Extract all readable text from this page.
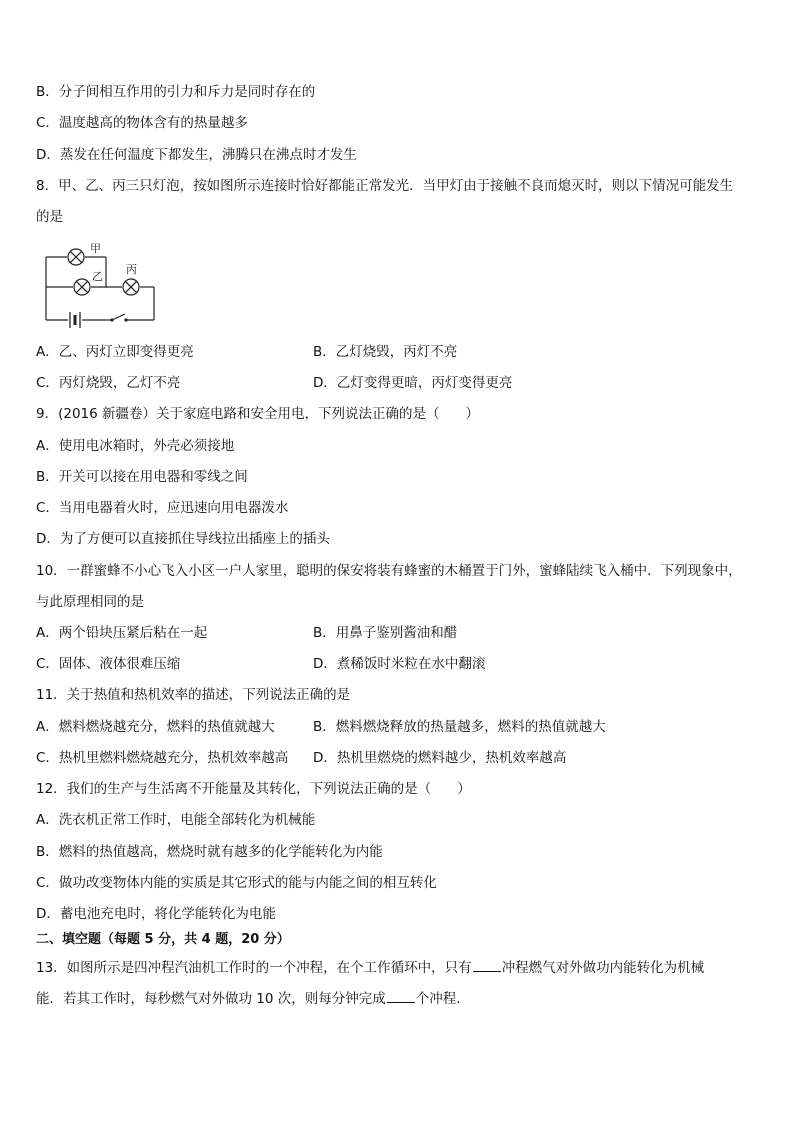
B．分子间相互作用的引力和斥力是同时存在的
C．温度越高的物体含有的热量越多
D．蒸发在任何温度下都发生，沸腾只在沸点时才发生
8．甲、乙、丙三只灯泡，按如图所示连接时恰好都能正常发光．当甲灯由于接触不良而熄灭时，则以下情况可能发生
的是
甲
乙
丙
A．乙、丙灯立即变得更亮	B．乙灯烧毁，丙灯不亮
C．丙灯烧毁，乙灯不亮	D．乙灯变得更暗，丙灯变得更亮
9．(2016 新疆卷）关于家庭电路和安全用电，下列说法正确的是（ ）
A．使用电冰箱时，外壳必须接地
B．开关可以接在用电器和零线之间
C．当用电器着火时，应迅速向用电器泼水
D．为了方便可以直接抓住导线拉出插座上的插头
10．一群蜜蜂不小心飞入小区一户人家里，聪明的保安将装有蜂蜜的木桶置于门外，蜜蜂陆续飞入桶中．下列现象中，
与此原理相同的是
A．两个铅块压紧后粘在一起	B．用鼻子鉴别酱油和醋
C．固体、液体很难压缩	D．煮稀饭时米粒在水中翻滚
11．关于热值和热机效率的描述，下列说法正确的是
A．燃料燃烧越充分，燃料的热值就越大	B．燃料燃烧释放的热量越多，燃料的热值就越大
C．热机里燃料燃烧越充分，热机效率越高 D．热机里燃烧的燃料越少，热机效率越高
12．我们的生产与生活离不开能量及其转化，下列说法正确的是（ ）
A．洗衣机正常工作时，电能全部转化为机械能
B．燃料的热值越高，燃烧时就有越多的化学能转化为内能
C．做功改变物体内能的实质是其它形式的能与内能之间的相互转化
D．蓄电池充电时，将化学能转化为电能
二、填空题（每题 5 分，共 4 题，20 分）
13．如图所示是四冲程汽油机工作时的一个冲程，在个工作循环中，只有 冲程燃气对外做功内能转化为机械
能．若其工作时，每秒燃气对外做功 10 次，则每分钟完成 个冲程．
